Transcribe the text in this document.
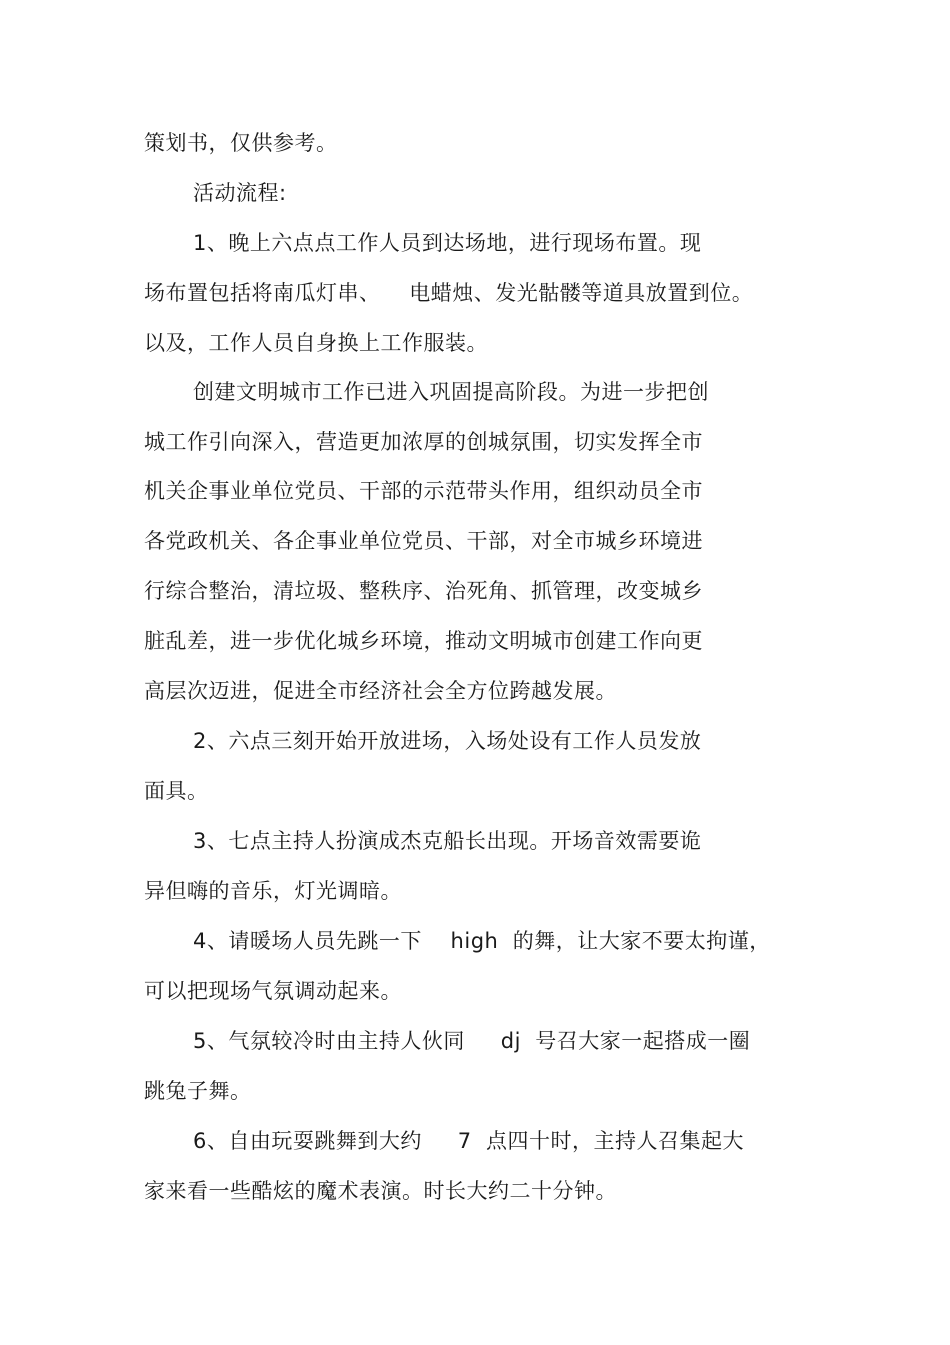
策划书，仅供参考。
活动流程:
1、晚上六点点工作人员到达场地，进行现场布置。现
场布置包括将南瓜灯串、    电蜡烛、发光骷髅等道具放置到位。
以及，工作人员自身换上工作服装。
创建文明城市工作已进入巩固提高阶段。为进一步把创
城工作引向深入，营造更加浓厚的创城氛围，切实发挥全市
机关企事业单位党员、干部的示范带头作用，组织动员全市
各党政机关、各企事业单位党员、干部，对全市城乡环境进
行综合整治，清垃圾、整秩序、治死角、抓管理，改变城乡
脏乱差，进一步优化城乡环境，推动文明城市创建工作向更
高层次迈进，促进全市经济社会全方位跨越发展。
2、六点三刻开始开放进场，入场处设有工作人员发放
面具。
3、七点主持人扮演成杰克船长出现。开场音效需要诡
异但嗨的音乐，灯光调暗。
4、请暖场人员先跳一下    high  的舞，让大家不要太拘谨，
可以把现场气氛调动起来。
5、气氛较冷时由主持人伙同     dj  号召大家一起搭成一圈
跳兔子舞。
6、自由玩耍跳舞到大约     7  点四十时，主持人召集起大
家来看一些酷炫的魔术表演。时长大约二十分钟。
